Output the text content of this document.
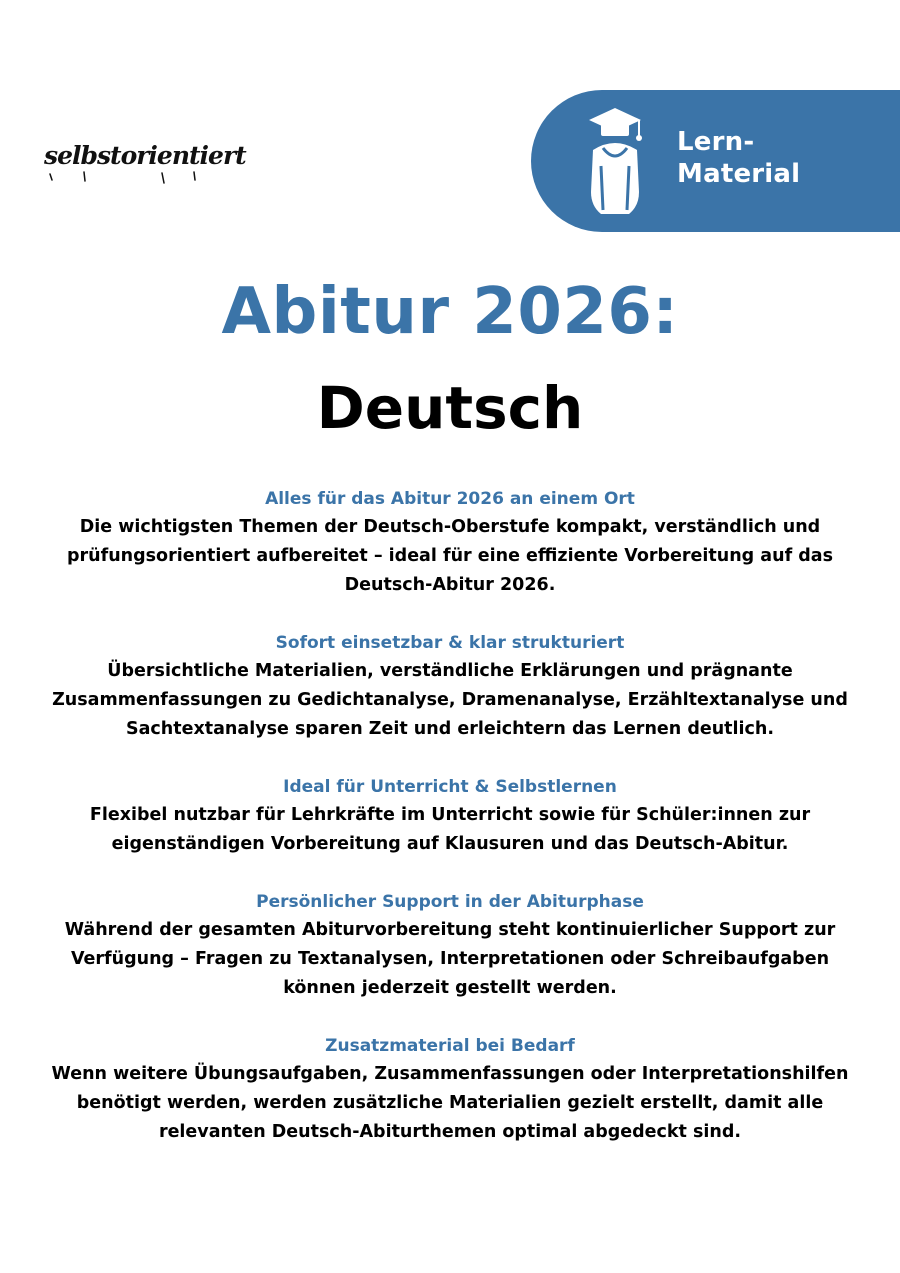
selbstorientiert	Lern-
Material
Abitur 2026:
Deutsch
Alles für das Abitur 2026 an einem Ort

Die wichtigsten Themen der Deutsch-Oberstufe kompakt, verständlich und prüfungsorientiert aufbereitet – ideal für eine effiziente Vorbereitung auf das Deutsch-Abitur 2026.

Sofort einsetzbar & klar strukturiert

Übersichtliche Materialien, verständliche Erklärungen und prägnante Zusammenfassungen zu Gedichtanalyse, Dramenanalyse, Erzähltextanalyse und Sachtextanalyse sparen Zeit und erleichtern das Lernen deutlich.

Ideal für Unterricht & Selbstlernen

Flexibel nutzbar für Lehrkräfte im Unterricht sowie für Schüler:innen zur eigenständigen Vorbereitung auf Klausuren und das Deutsch-Abitur.

Persönlicher Support in der Abiturphase

Während der gesamten Abiturvorbereitung steht kontinuierlicher Support zur Verfügung – Fragen zu Textanalysen, Interpretationen oder Schreibaufgaben können jederzeit gestellt werden.

Zusatzmaterial bei Bedarf

Wenn weitere Übungsaufgaben, Zusammenfassungen oder Interpretationshilfen benötigt werden, werden zusätzliche Materialien gezielt erstellt, damit alle relevanten Deutsch-Abiturthemen optimal abgedeckt sind.
